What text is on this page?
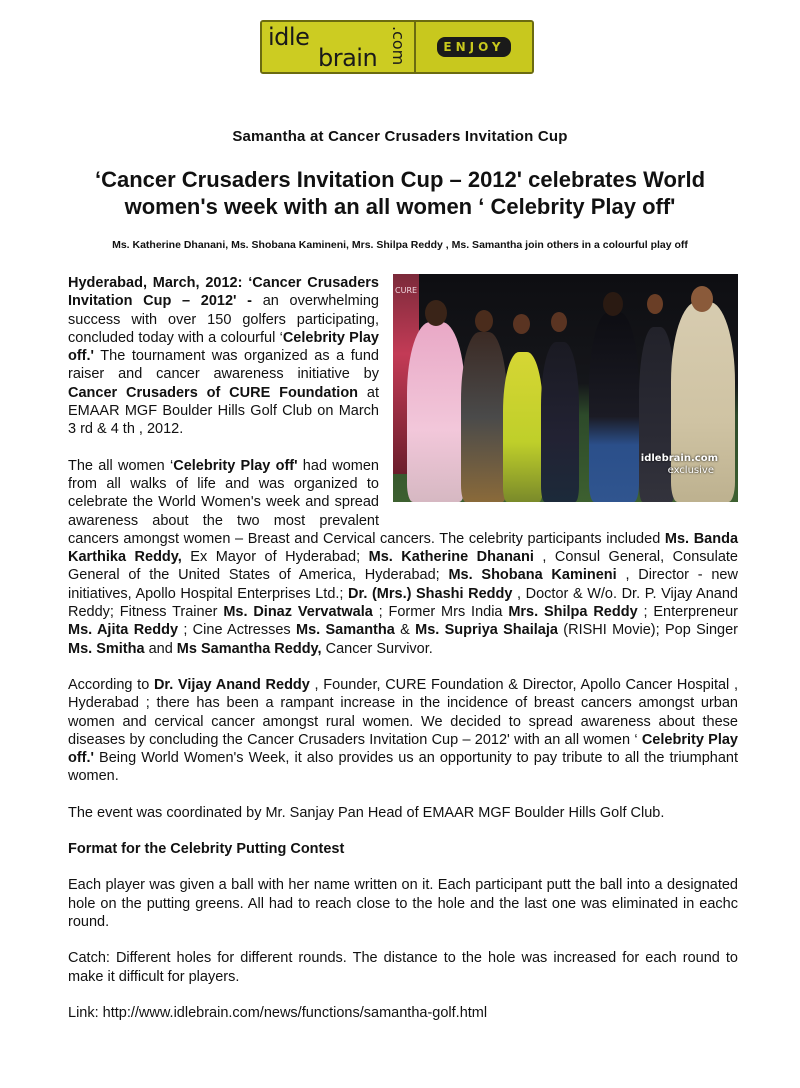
idle
brain .com	ENJOY
Samantha at Cancer Crusaders Invitation Cup
‘Cancer Crusaders Invitation Cup – 2012' celebrates World women's week with an all women ‘ Celebrity Play off'
Ms. Katherine Dhanani, Ms. Shobana Kamineni, Mrs. Shilpa Reddy , Ms. Samantha join others in a colourful play off
CURE
idlebrain.com
exclusive

Hyderabad, March, 2012: ‘Cancer Crusaders Invitation Cup – 2012' - an overwhelming success with over 150 golfers participating, concluded today with a colourful ‘Celebrity Play off.' The tournament was organized as a fund raiser and cancer awareness initiative by Cancer Crusaders of CURE Foundation at EMAAR MGF Boulder Hills Golf Club on March 3 rd & 4 th , 2012.

The all women ‘Celebrity Play off' had women from all walks of life and was organized to celebrate the World Women's week and spread awareness about the two most prevalent cancers amongst women – Breast and Cervical cancers. The celebrity participants included Ms. Banda Karthika Reddy, Ex Mayor of Hyderabad; Ms. Katherine Dhanani , Consul General, Consulate General of the United States of America, Hyderabad; Ms. Shobana Kamineni , Director - new initiatives, Apollo Hospital Enterprises Ltd.; Dr. (Mrs.) Shashi Reddy , Doctor & W/o. Dr. P. Vijay Anand Reddy; Fitness Trainer Ms. Dinaz Vervatwala ; Former Mrs India Mrs. Shilpa Reddy ; Enterpreneur Ms. Ajita Reddy ; Cine Actresses Ms. Samantha & Ms. Supriya Shailaja (RISHI Movie); Pop Singer Ms. Smitha and Ms Samantha Reddy, Cancer Survivor.

According to Dr. Vijay Anand Reddy , Founder, CURE Foundation & Director, Apollo Cancer Hospital , Hyderabad ; there has been a rampant increase in the incidence of breast cancers amongst urban women and cervical cancer amongst rural women. We decided to spread awareness about these diseases by concluding the Cancer Crusaders Invitation Cup – 2012' with an all women ‘ Celebrity Play off.' Being World Women's Week, it also provides us an opportunity to pay tribute to all the triumphant women.

The event was coordinated by Mr. Sanjay Pan Head of EMAAR MGF Boulder Hills Golf Club.

Format for the Celebrity Putting Contest

Each player was given a ball with her name written on it. Each participant putt the ball into a designated hole on the putting greens. All had to reach close to the hole and the last one was eliminated in eachc round.

Catch: Different holes for different rounds. The distance to the hole was increased for each round to make it difficult for players.

Link: http://www.idlebrain.com/news/functions/samantha-golf.html
